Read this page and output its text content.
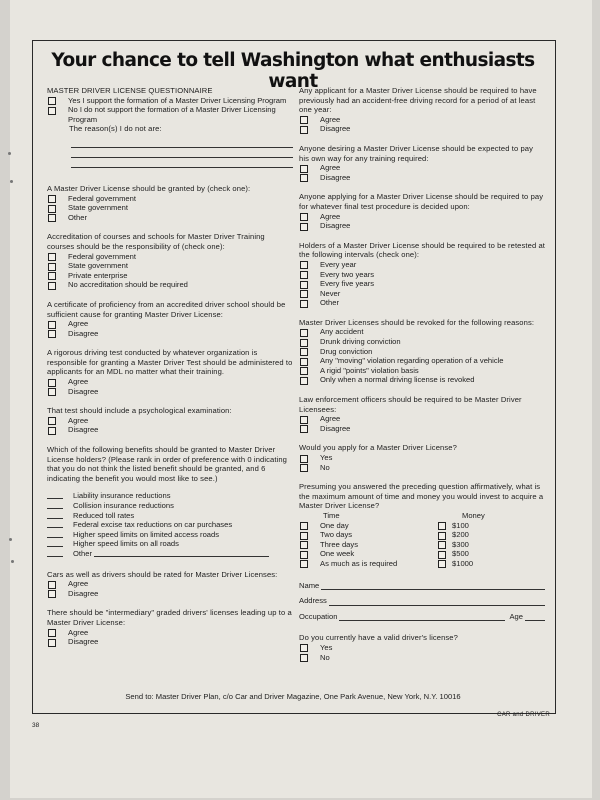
Your chance to tell Washington what enthusiasts want

MASTER DRIVER LICENSE QUESTIONNAIRE

Yes I support the formation of a Master Driver Licensing Program
No I do not support the formation of a Master Driver Licensing Program

The reason(s) I do not are:

A Master Driver License should be granted by (check one):

Federal government
State government
Other

Accreditation of courses and schools for Master Driver Training courses should be the responsibility of (check one):

Federal government
State government
Private enterprise
No accreditation should be required

A certificate of proficiency from an accredited driver school should be sufficient cause for granting Master Driver License:

Agree
Disagree

A rigorous driving test conducted by whatever organization is responsible for granting a Master Driver Test should be administered to applicants for an MDL no matter what their training.

Agree
Disagree

That test should include a psychological examination:

Agree
Disagree

Which of the following benefits should be granted to Master Driver License holders? (Please rank in order of preference with 0 indicating that you do not think the listed benefit should be granted, and 6 indicating the benefit you would most like to see.)

Liability insurance reductions
Collision insurance reductions
Reduced toll rates
Federal excise tax reductions on car purchases
Higher speed limits on limited access roads
Higher speed limits on all roads
Other

Cars as well as drivers should be rated for Master Driver Licenses:

Agree
Disagree

There should be "intermediary" graded drivers' licenses leading up to a Master Driver License:

Agree
Disagree

Any applicant for a Master Driver License should be required to have previously had an accident-free driving record for a period of at least one year:

Agree
Disagree

Anyone desiring a Master Driver License should be expected to pay his own way for any training required:

Agree
Disagree

Anyone applying for a Master Driver License should be required to pay for whatever final test procedure is decided upon:

Agree
Disagree

Holders of a Master Driver License should be required to be retested at the following intervals (check one):

Every year
Every two years
Every five years
Never
Other

Master Driver Licenses should be revoked for the following reasons:

Any accident
Drunk driving conviction
Drug conviction
Any "moving" violation regarding operation of a vehicle
A rigid "points" violation basis
Only when a normal driving license is revoked

Law enforcement officers should be required to be Master Driver Licensees:

Agree
Disagree

Would you apply for a Master Driver License?

Yes
No

Presuming you answered the preceding question affirmatively, what is the maximum amount of time and money you would invest to acquire a Master Driver License?

Time	Money
One day
Two days
Three days
One week
As much as is required
$100
$200
$300
$500
$1000
Name
Address
Occupation	Age

Do you currently have a valid driver's license?

Yes
No

Send to: Master Driver Plan, c/o Car and Driver Magazine, One Park Avenue, New York, N.Y. 10016

38

CAR and DRIVER
